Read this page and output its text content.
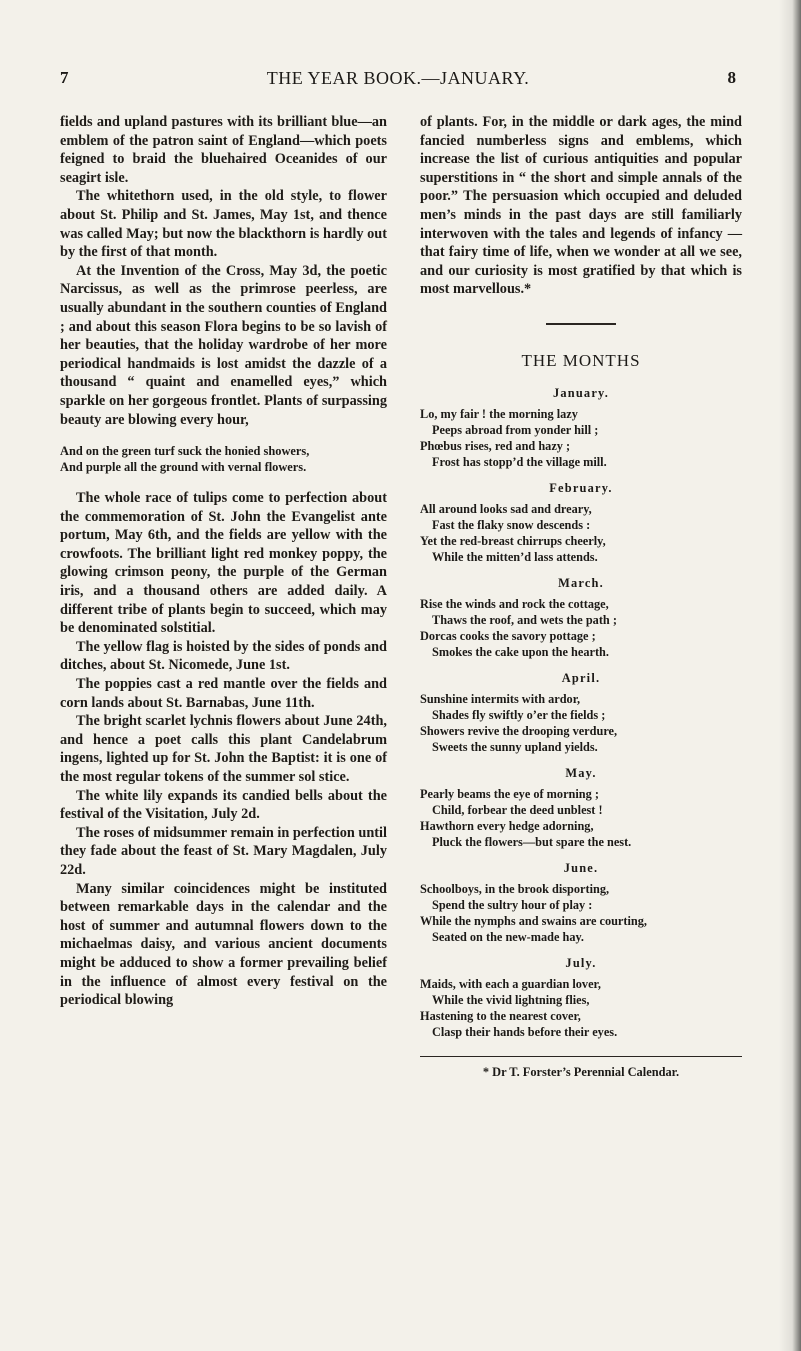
7	THE YEAR BOOK.—JANUARY.	8

fields and upland pastures with its brilliant blue—an emblem of the patron saint of England—which poets feigned to braid the bluehaired Oceanides of our seagirt isle.

The whitethorn used, in the old style, to flower about St. Philip and St. James, May 1st, and thence was called May; but now the blackthorn is hardly out by the first of that month.

At the Invention of the Cross, May 3d, the poetic Narcissus, as well as the primrose peerless, are usually abundant in the southern counties of England ; and about this season Flora begins to be so lavish of her beauties, that the holiday wardrobe of her more periodical handmaids is lost amidst the dazzle of a thousand “ quaint and enamelled eyes,” which sparkle on her gorgeous frontlet. Plants of surpassing beauty are blowing every hour,

And on the green turf suck the honied showers,
And purple all the ground with vernal flowers.

The whole race of tulips come to perfection about the commemoration of St. John the Evangelist ante portum, May 6th, and the fields are yellow with the crowfoots. The brilliant light red monkey poppy, the glowing crimson peony, the purple of the German iris, and a thousand others are added daily. A different tribe of plants begin to succeed, which may be denominated solstitial.

The yellow flag is hoisted by the sides of ponds and ditches, about St. Nicomede, June 1st.

The poppies cast a red mantle over the fields and corn lands about St. Barnabas, June 11th.

The bright scarlet lychnis flowers about June 24th, and hence a poet calls this plant Candelabrum ingens, lighted up for St. John the Baptist: it is one of the most regular tokens of the summer sol stice.

The white lily expands its candied bells about the festival of the Visitation, July 2d.

The roses of midsummer remain in perfection until they fade about the feast of St. Mary Magdalen, July 22d.

Many similar coincidences might be instituted between remarkable days in the calendar and the host of summer and autumnal flowers down to the michaelmas daisy, and various ancient documents might be adduced to show a former prevailing belief in the influence of almost every festival on the periodical blowing

of plants. For, in the middle or dark ages, the mind fancied numberless signs and emblems, which increase the list of curious antiquities and popular superstitions in “ the short and simple annals of the poor.” The persuasion which occupied and deluded men’s minds in the past days are still familiarly interwoven with the tales and legends of infancy —that fairy time of life, when we wonder at all we see, and our curiosity is most gratified by that which is most marvellous.*

THE MONTHS
January.
Lo, my fair ! the morning lazy
Peeps abroad from yonder hill ;
Phœbus rises, red and hazy ;
Frost has stopp’d the village mill.
February.
All around looks sad and dreary,
Fast the flaky snow descends :
Yet the red-breast chirrups cheerly,
While the mitten’d lass attends.
March.
Rise the winds and rock the cottage,
Thaws the roof, and wets the path ;
Dorcas cooks the savory pottage ;
Smokes the cake upon the hearth.
April.
Sunshine intermits with ardor,
Shades fly swiftly o’er the fields ;
Showers revive the drooping verdure,
Sweets the sunny upland yields.
May.
Pearly beams the eye of morning ;
Child, forbear the deed unblest !
Hawthorn every hedge adorning,
Pluck the flowers—but spare the nest.
June.
Schoolboys, in the brook disporting,
Spend the sultry hour of play :
While the nymphs and swains are courting,
Seated on the new-made hay.
July.
Maids, with each a guardian lover,
While the vivid lightning flies,
Hastening to the nearest cover,
Clasp their hands before their eyes.
* Dr T. Forster’s Perennial Calendar.
